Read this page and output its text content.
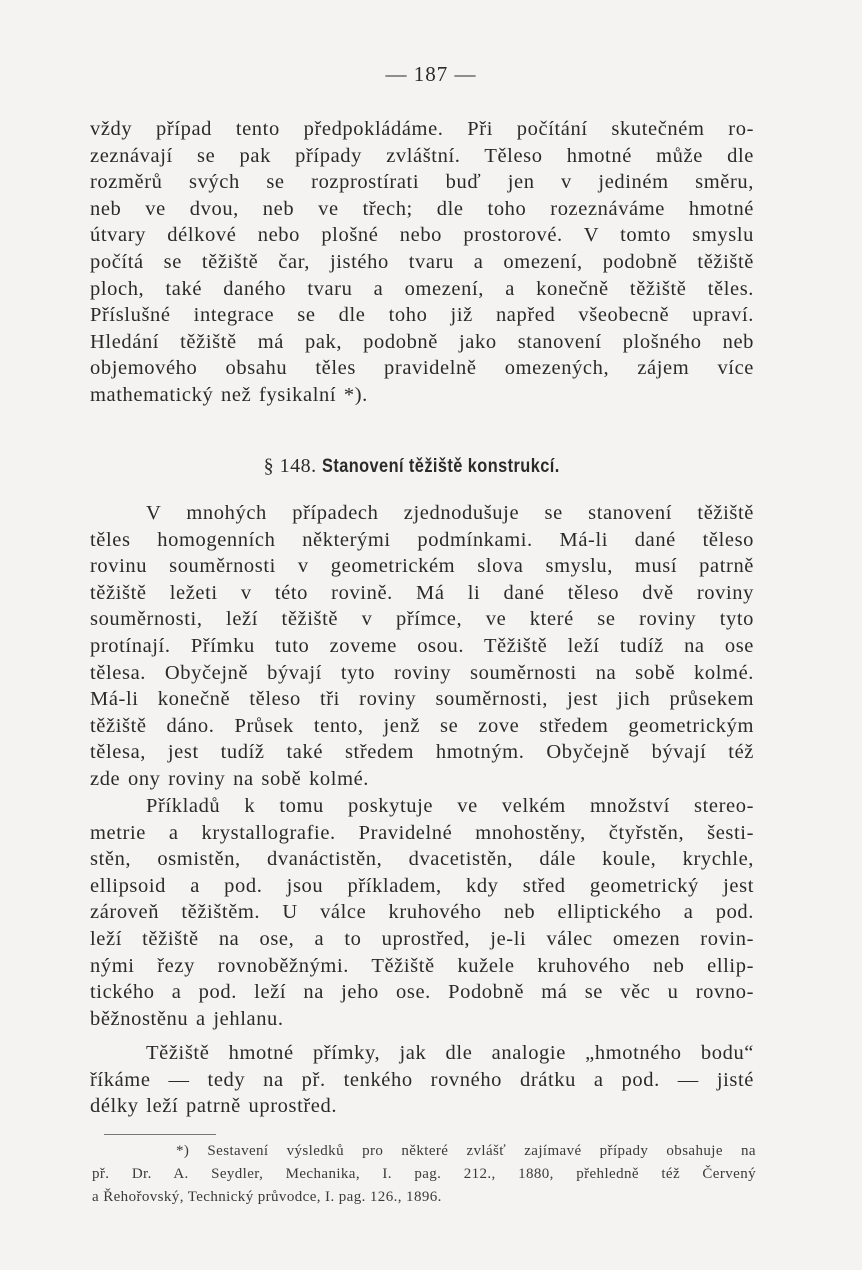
— 187 —
vždy případ tento předpokládáme. Při počítání skutečném ro-
zeznávají se pak případy zvláštní. Těleso hmotné může dle
rozměrů svých se rozprostírati buď jen v jediném směru,
neb ve dvou, neb ve třech; dle toho rozeznáváme hmotné
útvary délkové nebo plošné nebo prostorové. V tomto smyslu
počítá se těžiště čar, jistého tvaru a omezení, podobně těžiště
ploch, také daného tvaru a omezení, a konečně těžiště těles.
Příslušné integrace se dle toho již napřed všeobecně upraví.
Hledání těžiště má pak, podobně jako stanovení plošného neb
objemového obsahu těles pravidelně omezených, zájem více
mathematický než fysikalní *).
§ 148. Stanovení těžiště konstrukcí.
V mnohých případech zjednodušuje se stanovení těžiště
těles homogenních některými podmínkami. Má-li dané těleso
rovinu souměrnosti v geometrickém slova smyslu, musí patrně
těžiště ležeti v této rovině. Má li dané těleso dvě roviny
souměrnosti, leží těžiště v přímce, ve které se roviny tyto
protínají. Přímku tuto zoveme osou. Těžiště leží tudíž na ose
tělesa. Obyčejně bývají tyto roviny souměrnosti na sobě kolmé.
Má-li konečně těleso tři roviny souměrnosti, jest jich průsekem
těžiště dáno. Průsek tento, jenž se zove středem geometrickým
tělesa, jest tudíž také středem hmotným. Obyčejně bývají též
zde ony roviny na sobě kolmé.
Příkladů k tomu poskytuje ve velkém množství stereo-
metrie a krystallografie. Pravidelné mnohostěny, čtyřstěn, šesti-
stěn, osmistěn, dvanáctistěn, dvacetistěn, dále koule, krychle,
ellipsoid a pod. jsou příkladem, kdy střed geometrický jest
zároveň těžištěm. U válce kruhového neb elliptického a pod.
leží těžiště na ose, a to uprostřed, je-li válec omezen rovin-
nými řezy rovnoběžnými. Těžiště kužele kruhového neb ellip-
tického a pod. leží na jeho ose. Podobně má se věc u rovno-
běžnostěnu a jehlanu.
Těžiště hmotné přímky, jak dle analogie „hmotného bodu“
říkáme — tedy na př. tenkého rovného drátku a pod. — jisté
délky leží patrně uprostřed.
*) Sestavení výsledků pro některé zvlášť zajímavé případy obsahuje na
př. Dr. A. Seydler, Mechanika, I. pag. 212., 1880, přehledně též Červený
a Řehořovský, Technický průvodce, I. pag. 126., 1896.
